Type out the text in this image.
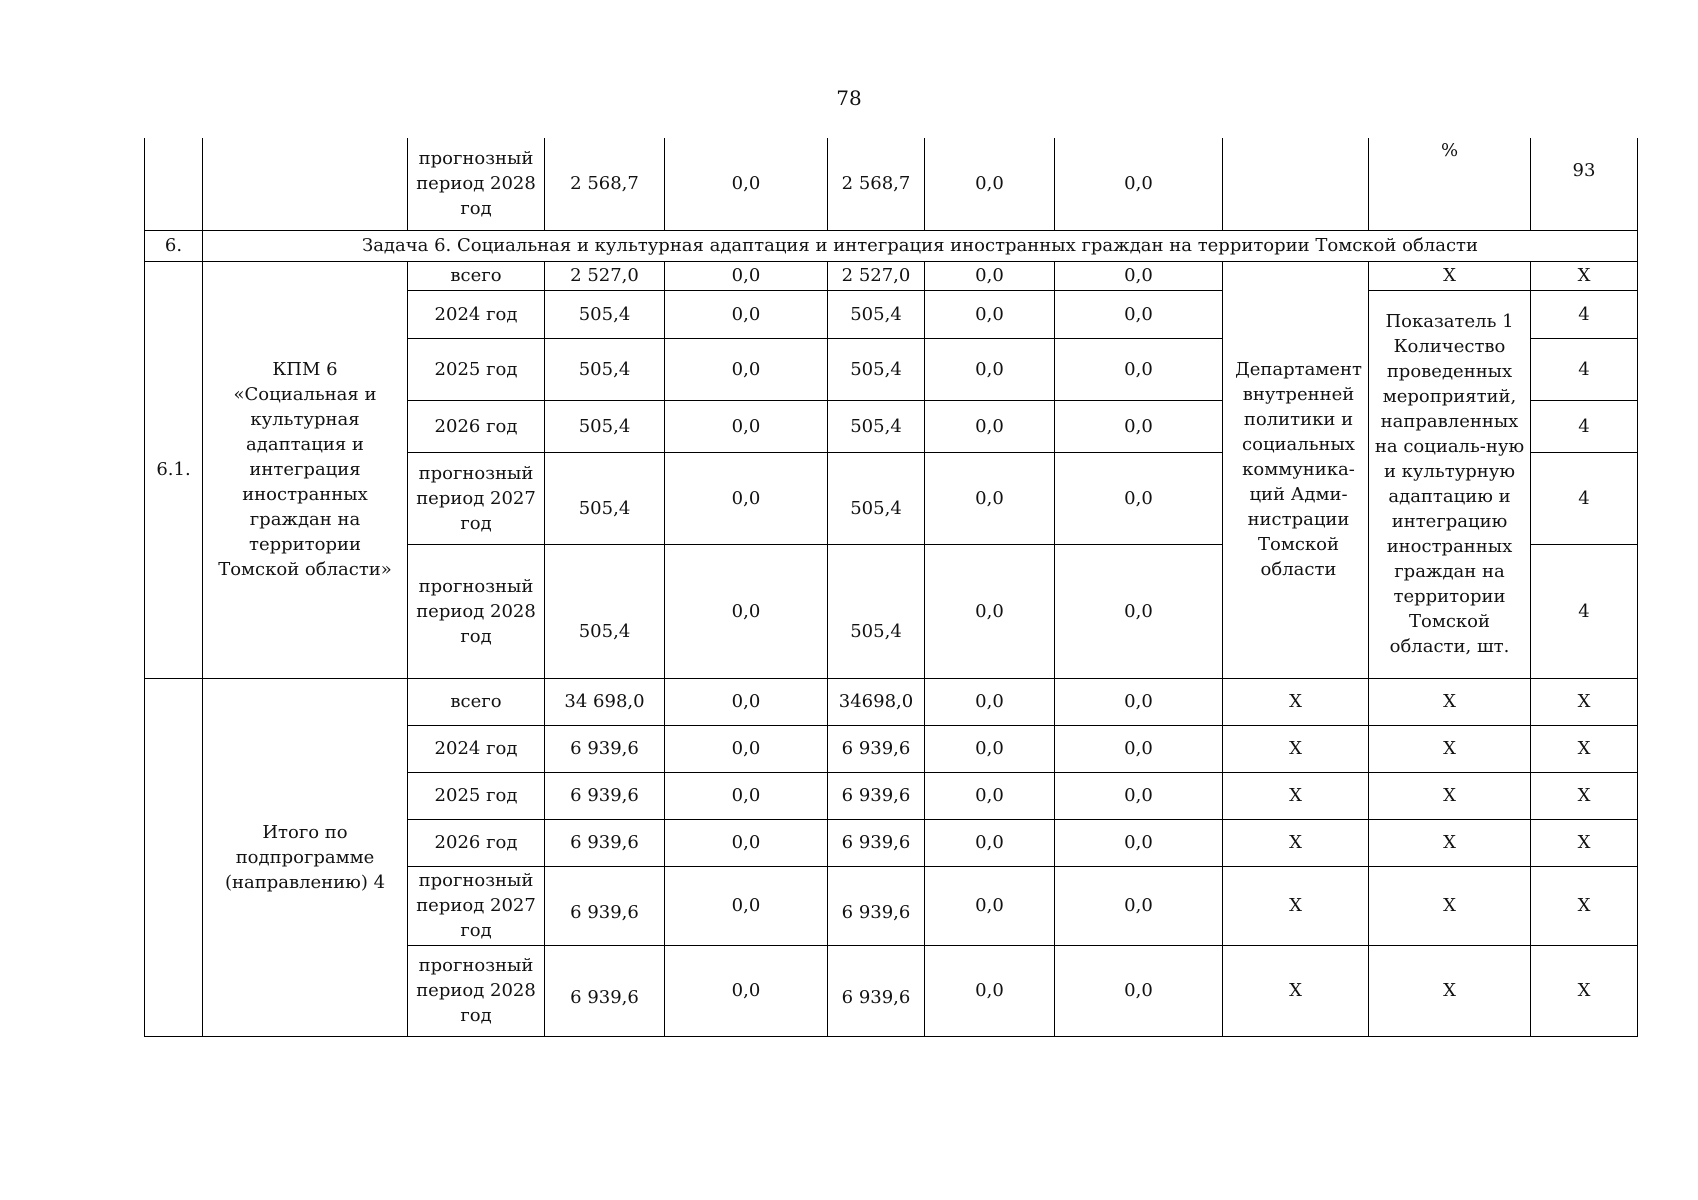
78
		прогнозный период 2028 год	2 568,7	0,0	2 568,7	0,0	0,0		%	93
6.	Задача 6. Социальная и культурная адаптация и интеграция иностранных граждан на территории Томской области									
6.1.	КПМ 6 «Социальная и культурная адаптация и интеграция иностранных граждан на территории Томской области»	всего	2 527,0	0,0	2 527,0	0,0	0,0	Департамент внутренней политики и социальных коммуника-ций Адми-нистрации Томской области	X	X
		2024 год	505,4	0,0	505,4	0,0	0,0		Показатель 1 Количество проведенных мероприятий, направленных на социаль-ную и культурную адаптацию и интеграцию иностранных граждан на территории Томской области, шт.	4
		2025 год	505,4	0,0	505,4	0,0	0,0			4
		2026 год	505,4	0,0	505,4	0,0	0,0			4
		прогнозный период 2027 год	505,4	0,0	505,4	0,0	0,0			4
		прогнозный период 2028 год	505,4	0,0	505,4	0,0	0,0			4
	Итого по подпрограмме (направлению) 4	всего	34 698,0	0,0	34698,0	0,0	0,0	X	X	X
		2024 год	6 939,6	0,0	6 939,6	0,0	0,0	X	X	X
		2025 год	6 939,6	0,0	6 939,6	0,0	0,0	X	X	X
		2026 год	6 939,6	0,0	6 939,6	0,0	0,0	X	X	X
		прогнозный период 2027 год	6 939,6	0,0	6 939,6	0,0	0,0	X	X	X
		прогнозный период 2028 год	6 939,6	0,0	6 939,6	0,0	0,0	X	X	X
